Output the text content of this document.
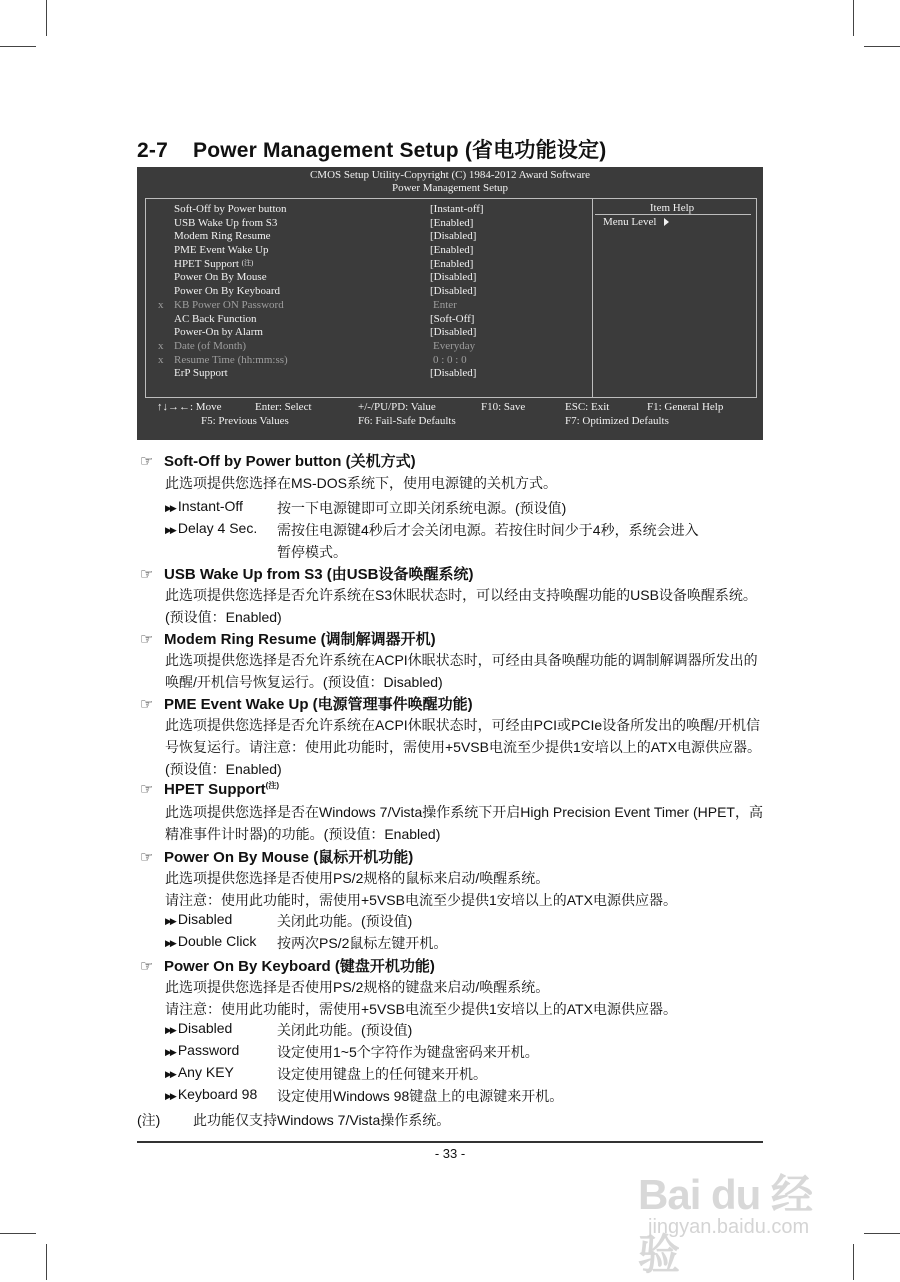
2-7 Power Management Setup (省电功能设定)
CMOS Setup Utility-Copyright (C) 1984-2012 Award Software
Power Management Setup
Soft-Off by Power button	[Instant-off]
USB Wake Up from S3	[Enabled]
Modem Ring Resume	[Disabled]
PME Event Wake Up	[Enabled]
HPET Support $^{(注)}$	[Enabled]
Power On By Mouse	[Disabled]
Power On By Keyboard	[Disabled]
x KB Power ON Password	Enter
AC Back Function	[Soft-Off]
Power-On by Alarm	[Disabled]
x Date (of Month)	Everyday
x Resume Time (hh:mm:ss)	0 : 0 : 0
ErP Support	[Disabled]
Item Help
Menu Level
↑↓→←: Move	Enter: Select	+/-/PU/PD: Value	F10: Save	ESC: Exit	F1: General Help
F5: Previous Values	F6: Fail-Safe Defaults	F7: Optimized Defaults
☞ Soft-Off by Power button (关机方式)
此选项提供您选择在MS-DOS系统下，使用电源键的关机方式。
▶▶ Instant-Off 按一下电源键即可立即关闭系统电源。(预设值)
▶▶ Delay 4 Sec. 需按住电源键4秒后才会关闭电源。若按住时间少于4秒，系统会进入
暂停模式。
☞ USB Wake Up from S3 (由USB设备唤醒系统)
此选项提供您选择是否允许系统在S3休眠状态时，可以经由支持唤醒功能的USB设备唤醒系统。(预设值：Enabled)
☞ Modem Ring Resume (调制解调器开机)
此选项提供您选择是否允许系统在ACPI休眠状态时，可经由具备唤醒功能的调制解调器所发出的唤醒/开机信号恢复运行。(预设值：Disabled)
☞ PME Event Wake Up (电源管理事件唤醒功能)
此选项提供您选择是否允许系统在ACPI休眠状态时，可经由PCI或PCIe设备所发出的唤醒/开机信号恢复运行。请注意：使用此功能时，需使用+5VSB电流至少提供1安培以上的ATX电源供应器。(预设值：Enabled)
☞ HPET Support$^{(注)}$
此选项提供您选择是否在Windows 7/Vista操作系统下开启High Precision Event Timer (HPET，高精准事件计时器)的功能。(预设值：Enabled)
☞ Power On By Mouse (鼠标开机功能)
此选项提供您选择是否使用PS/2规格的鼠标来启动/唤醒系统。
请注意：使用此功能时，需使用+5VSB电流至少提供1安培以上的ATX电源供应器。
▶▶ Disabled	关闭此功能。(预设值)
▶▶ Double Click 按两次PS/2鼠标左键开机。
☞ Power On By Keyboard (键盘开机功能)
此选项提供您选择是否使用PS/2规格的键盘来启动/唤醒系统。
请注意：使用此功能时，需使用+5VSB电流至少提供1安培以上的ATX电源供应器。
▶▶ Disabled	关闭此功能。(预设值)
▶▶ Password	设定使用1~5个字符作为键盘密码来开机。
▶▶ Any KEY	设定使用键盘上的任何键来开机。
▶▶ Keyboard 98 设定使用Windows 98键盘上的电源键来开机。
(注) 此功能仅支持Windows 7/Vista操作系统。
- 33 -
Bai du 经验
jingyan.baidu.com
